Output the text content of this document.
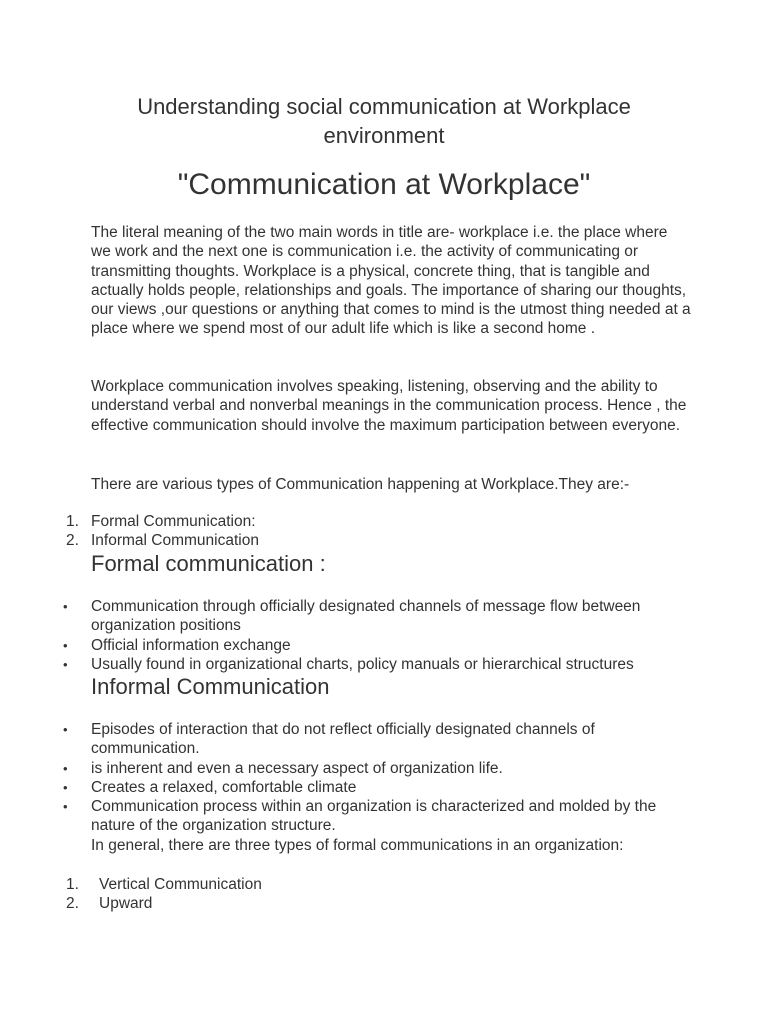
Understanding social communication at Workplace environment
"Communication at Workplace"

The literal meaning of the two main words in title are- workplace i.e. the place where we work and the next one is communication i.e. the activity of communicating or transmitting thoughts. Workplace is a physical, concrete thing, that is tangible and actually holds people, relationships and goals. The importance of sharing our thoughts, our views ,our questions or anything that comes to mind is the utmost thing needed at a place where we spend most of our adult life which is like a second home .

Workplace communication involves speaking, listening, observing and the ability to understand verbal and nonverbal meanings in the communication process. Hence , the effective communication should involve the maximum participation between everyone.

There are various types of Communication happening at Workplace.They are:-

1. Formal Communication:
2. Informal Communication
Formal communication :
•	Communication through officially designated channels of message flow between organization positions
•	Official information exchange
•	Usually found in organizational charts, policy manuals or hierarchical structures
Informal Communication
•	Episodes of interaction that do not reflect officially designated channels of communication.
•	is inherent and even a necessary aspect of organization life.
•	Creates a relaxed, comfortable climate
•	Communication process within an organization is characterized and molded by the nature of the organization structure.

In general, there are three types of formal communications in an organization:

1.	Vertical Communication
2.	Upward
